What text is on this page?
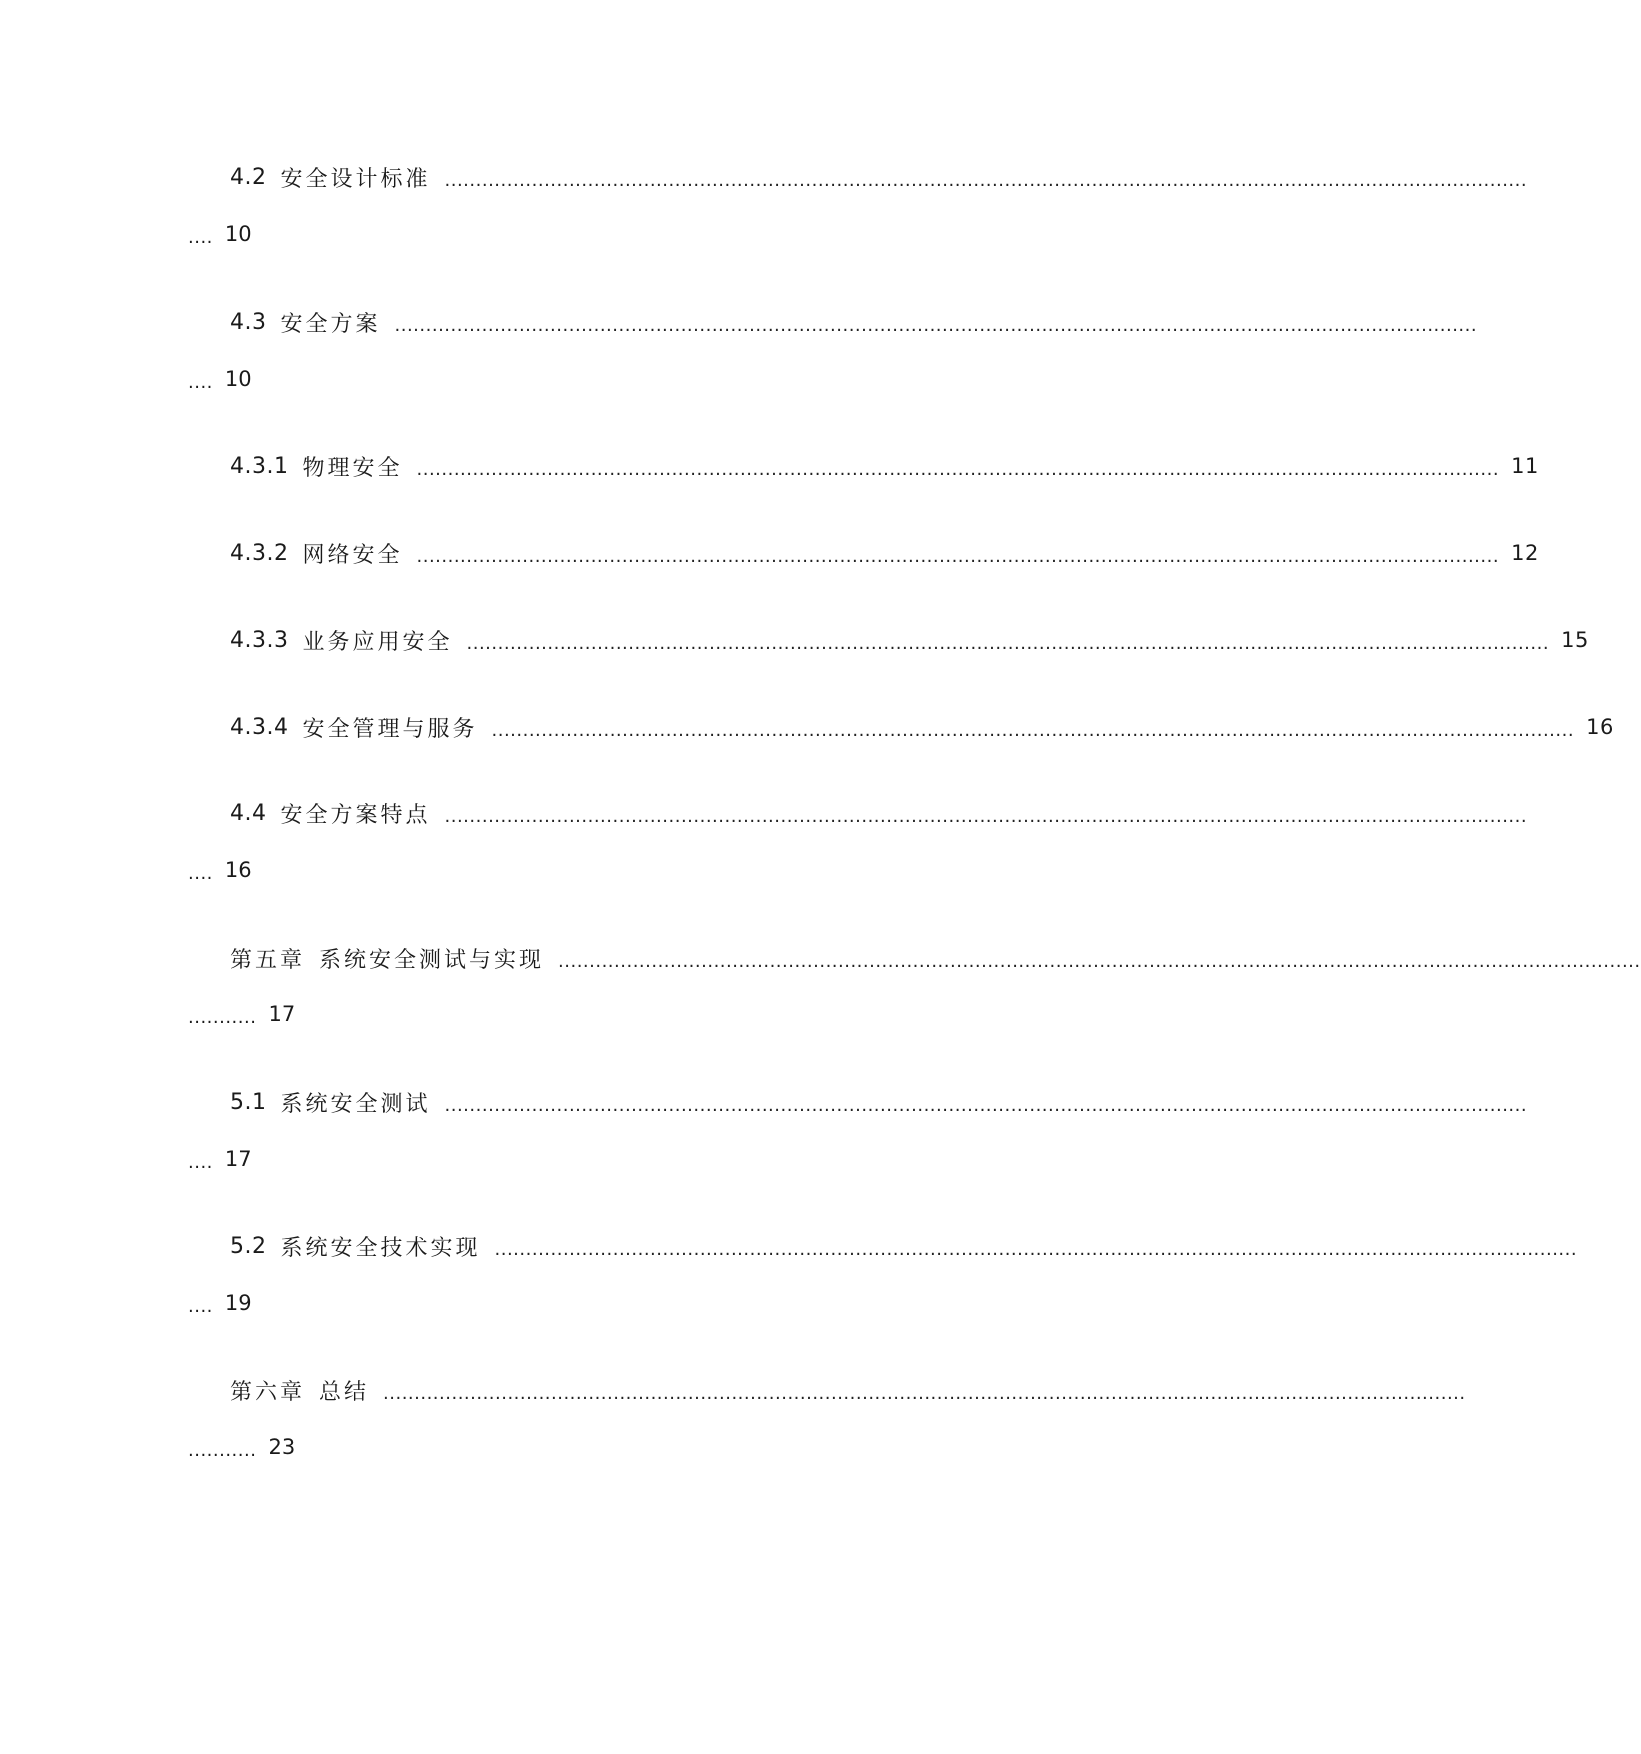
4.2 安全设计标准 ..............................................................................................................................................................................
.... 10
4.3 安全方案 ..............................................................................................................................................................................
.... 10
4.3.1 物理安全 .............................................................................................................................................................................. 11
4.3.2 网络安全 .............................................................................................................................................................................. 12
4.3.3 业务应用安全 .............................................................................................................................................................................. 15
4.3.4 安全管理与服务 .............................................................................................................................................................................. 16
4.4 安全方案特点 ..............................................................................................................................................................................
.... 16
第五章 系统安全测试与实现 ..............................................................................................................................................................................
........... 17
5.1 系统安全测试 ..............................................................................................................................................................................
.... 17
5.2 系统安全技术实现 ..............................................................................................................................................................................
.... 19
第六章 总结 ..............................................................................................................................................................................
........... 23
